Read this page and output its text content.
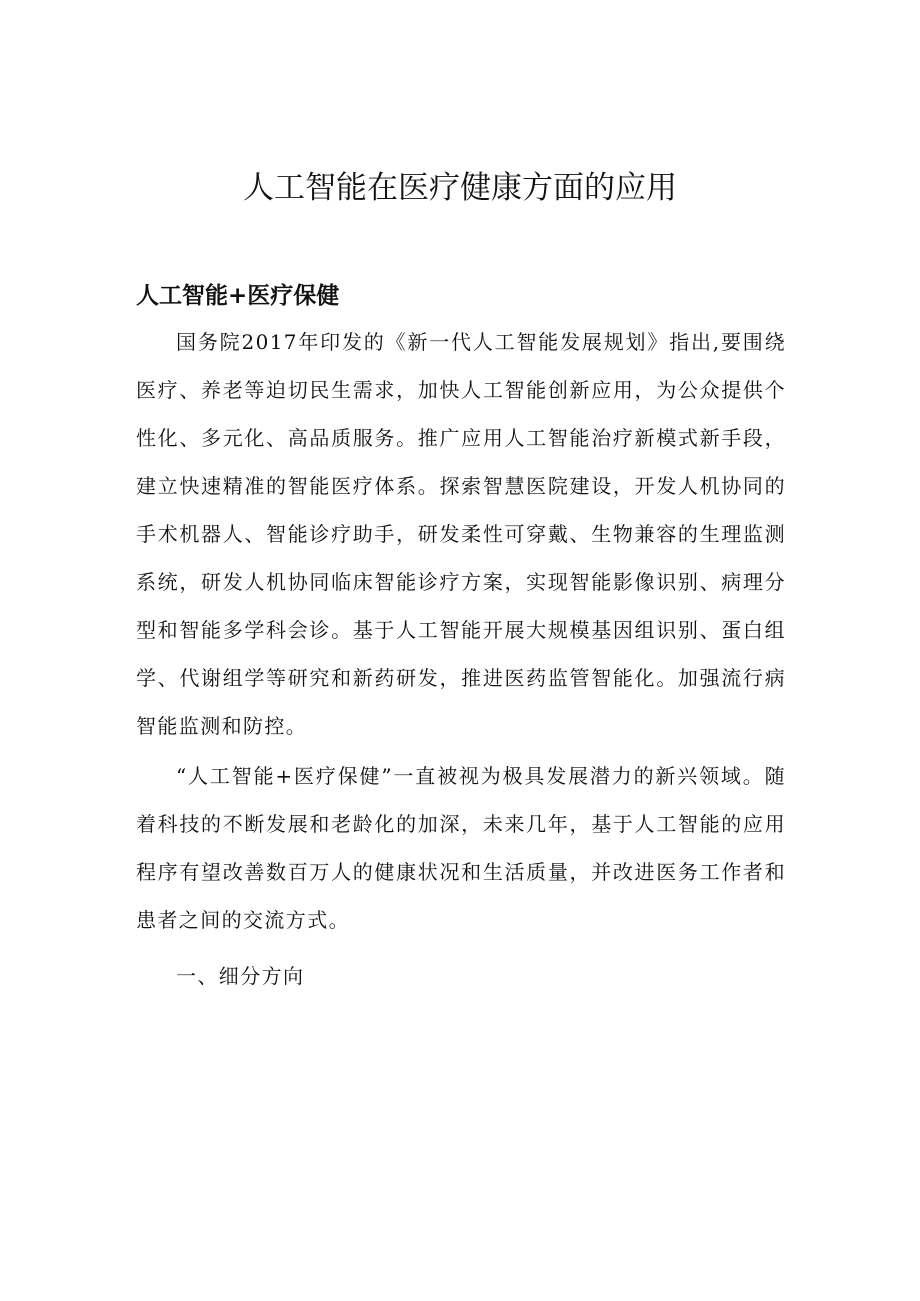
人工智能在医疗健康方面的应用
人工智能+医疗保健

国务院2017年印发的《新一代人工智能发展规划》指出,要围绕医疗、养老等迫切民生需求，加快人工智能创新应用，为公众提供个性化、多元化、高品质服务。推广应用人工智能治疗新模式新手段，建立快速精准的智能医疗体系。探索智慧医院建设，开发人机协同的手术机器人、智能诊疗助手，研发柔性可穿戴、生物兼容的生理监测系统，研发人机协同临床智能诊疗方案，实现智能影像识别、病理分型和智能多学科会诊。基于人工智能开展大规模基因组识别、蛋白组学、代谢组学等研究和新药研发，推进医药监管智能化。加强流行病智能监测和防控。

“人工智能+医疗保健”一直被视为极具发展潜力的新兴领域。随着科技的不断发展和老龄化的加深，未来几年，基于人工智能的应用程序有望改善数百万人的健康状况和生活质量，并改进医务工作者和患者之间的交流方式。

一、细分方向
